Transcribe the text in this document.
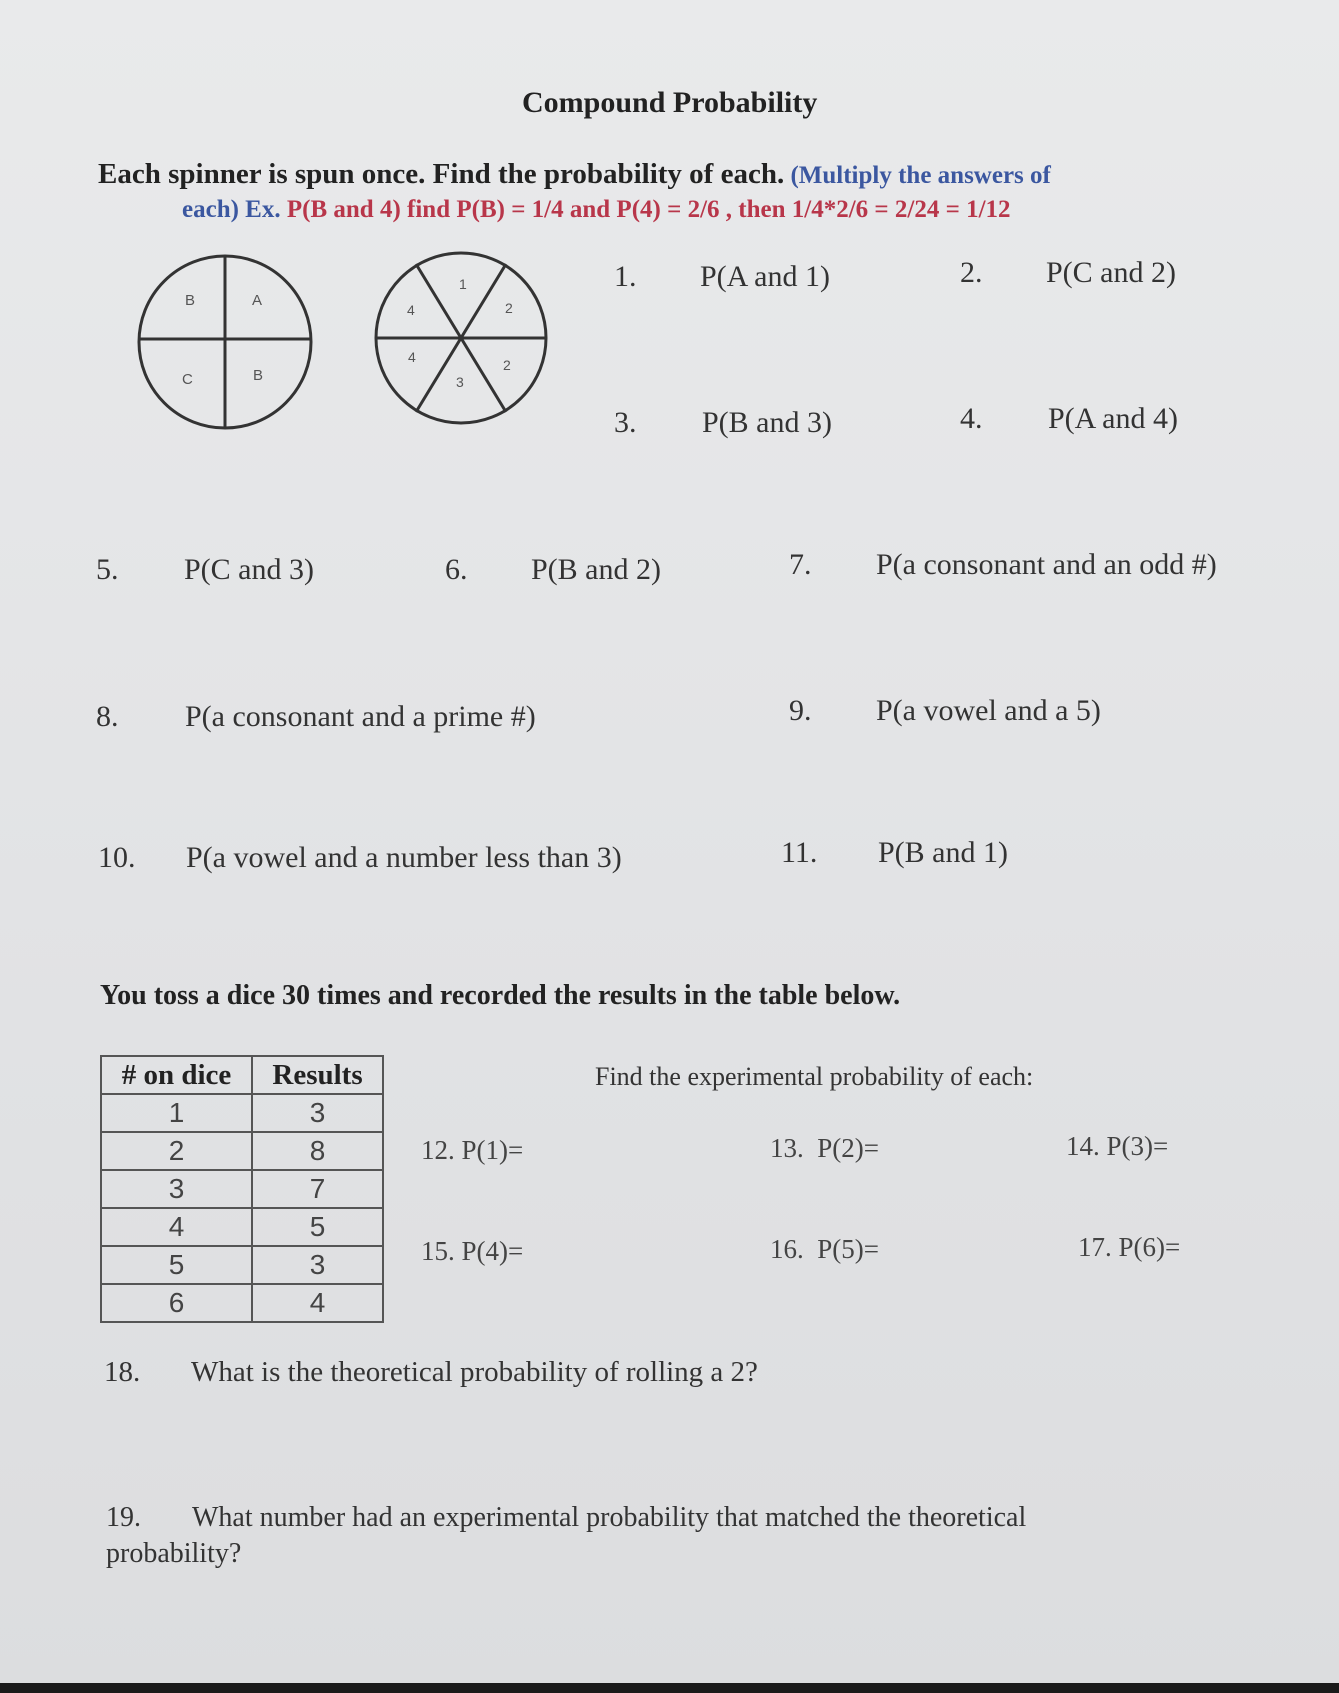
Compound Probability
Each spinner is spun once. Find the probability of each. (Multiply the answers of
each) Ex. P(B and 4) find P(B) = 1/4 and P(4) = 2/6 , then 1/4*2/6 = 2/24 = 1/12
B	A
C	B
1
2
2
3
4
4
1. P(A and 1)	2. P(C and 2)
3. P(B and 3)	4. P(A and 4)
5. P(C and 3)	6. P(B and 2)	7. P(a consonant and an odd #)
8. P(a consonant and a prime #)	9. P(a vowel and a 5)
10. P(a vowel and a number less than 3)	11. P(B and 1)
You toss a dice 30 times and recorded the results in the table below.
Find the experimental probability of each:
# on dice	Results
1	3
2	8
3	7
4	5
5	3
6	4
12. P(1)=	13. P(2)=	14. P(3)=
15. P(4)=	16. P(5)=	17. P(6)=
18. What is the theoretical probability of rolling a 2?
19. What number had an experimental probability that matched the theoretical
probability?
